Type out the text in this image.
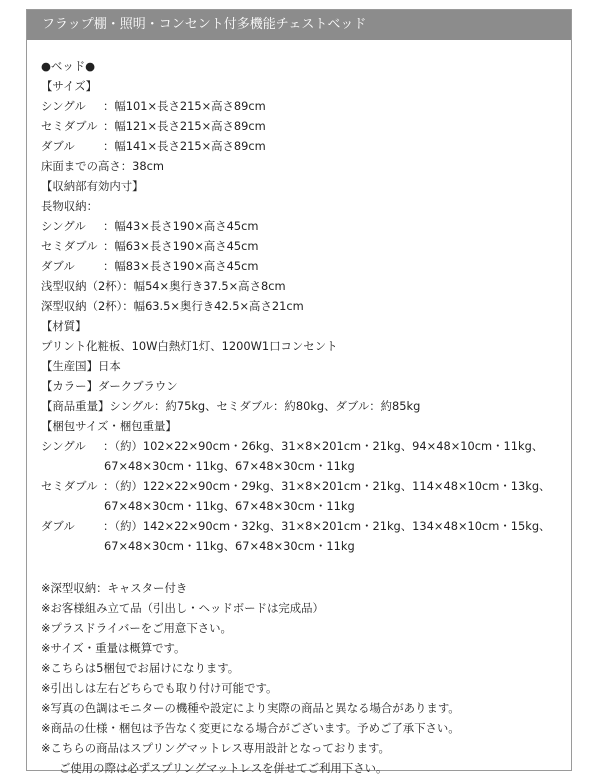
フラップ棚・照明・コンセント付多機能チェストベッド
●ベッド●
【サイズ】
シングル	：幅101×長さ215×高さ89cm
セミダブル ：幅121×長さ215×高さ89cm
ダブル	：幅141×長さ215×高さ89cm
床面までの高さ：38cm
【収納部有効内寸】
長物収納：
シングル	：幅43×長さ190×高さ45cm
セミダブル ：幅63×長さ190×高さ45cm
ダブル	：幅83×長さ190×高さ45cm
浅型収納（2杯）：幅54×奥行き37.5×高さ8cm
深型収納（2杯）：幅63.5×奥行き42.5×高さ21cm
【材質】
プリント化粧板、10W白熱灯1灯、1200W1口コンセント
【生産国】日本
【カラー】ダークブラウン
【商品重量】シングル：約75kg、セミダブル：約80kg、ダブル：約85kg
【梱包サイズ・梱包重量】
シングル	：（約）102×22×90cm・26kg、31×8×201cm・21kg、94×48×10cm・11kg、
67×48×30cm・11kg、67×48×30cm・11kg
セミダブル ：（約）122×22×90cm・29kg、31×8×201cm・21kg、114×48×10cm・13kg、
67×48×30cm・11kg、67×48×30cm・11kg
ダブル	：（約）142×22×90cm・32kg、31×8×201cm・21kg、134×48×10cm・15kg、
67×48×30cm・11kg、67×48×30cm・11kg
※深型収納：キャスター付き
※お客様組み立て品（引出し・ヘッドボードは完成品）
※プラスドライバーをご用意下さい。
※サイズ・重量は概算です。
※こちらは5梱包でお届けになります。
※引出しは左右どちらでも取り付け可能です。
※写真の色調はモニターの機種や設定により実際の商品と異なる場合があります。
※商品の仕様・梱包は予告なく変更になる場合がございます。予めご了承下さい。
※こちらの商品はスプリングマットレス専用設計となっております。
ご使用の際は必ずスプリングマットレスを併せてご利用下さい。
